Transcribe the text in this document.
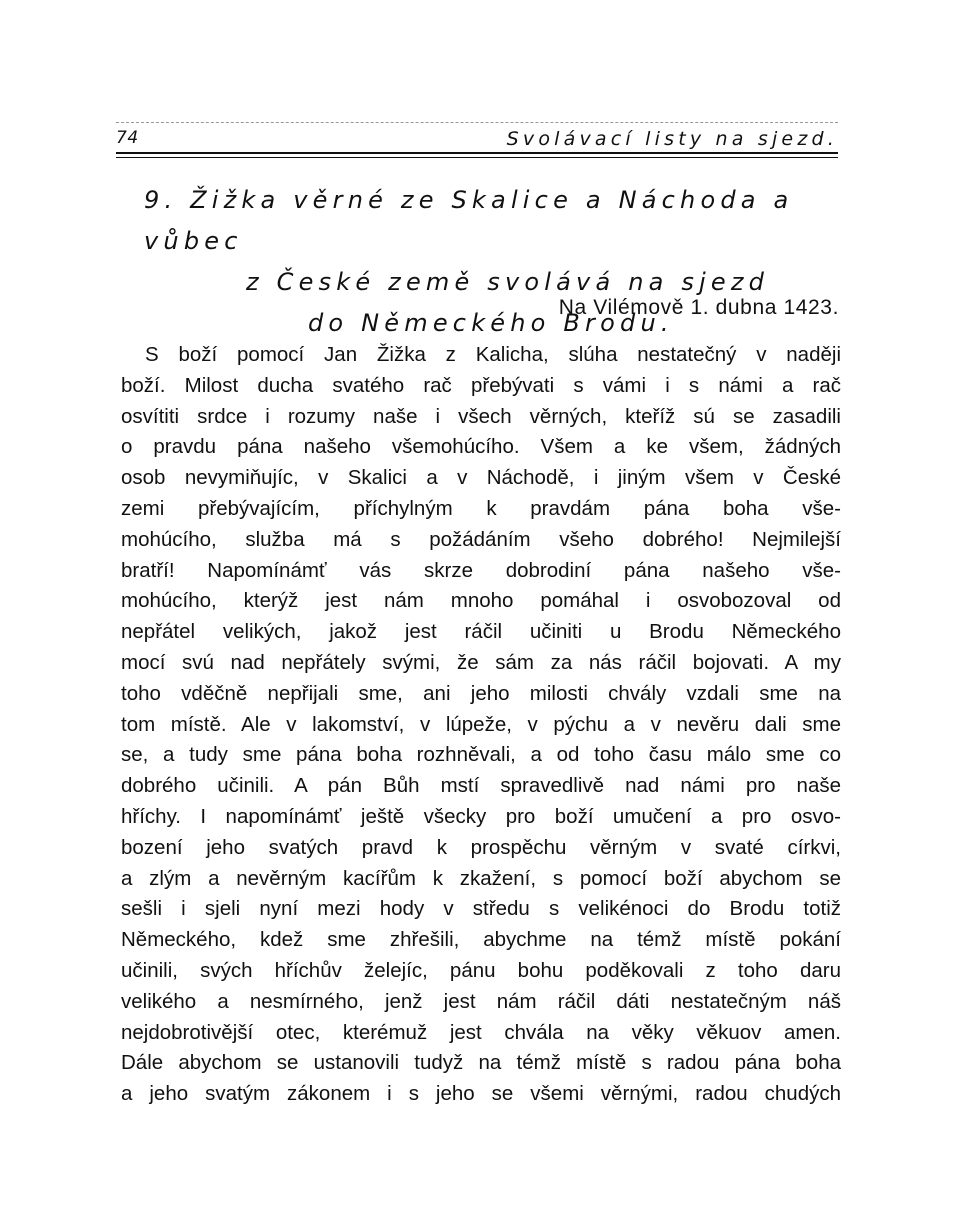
74	Svolávací listy na sjezd.
9. Žižka věrné ze Skalice a Náchoda a vůbec
z České země svolává na sjezd
do Německého Brodu.
Na Vilémově 1. dubna 1423.
S boží pomocí Jan Žižka z Kalicha, slúha nestatečný v naději
boží. Milost ducha svatého rač přebývati s vámi i s námi a rač
osvítiti srdce i rozumy naše i všech věrných, kteříž sú se zasadili
o pravdu pána našeho všemohúcího. Všem a ke všem, žádných
osob nevymiňujíc, v Skalici a v Náchodě, i jiným všem v České
zemi přebývajícím, příchylným k pravdám pána boha vše-
mohúcího, služba má s požádáním všeho dobrého! Nejmilejší
bratří! Napomínámť vás skrze dobrodiní pána našeho vše-
mohúcího, kterýž jest nám mnoho pomáhal i osvobozoval od
nepřátel velikých, jakož jest ráčil učiniti u Brodu Německého
mocí svú nad nepřátely svými, že sám za nás ráčil bojovati. A my
toho vděčně nepřijali sme, ani jeho milosti chvály vzdali sme na
tom místě. Ale v lakomství, v lúpeže, v pýchu a v nevěru dali sme
se, a tudy sme pána boha rozhněvali, a od toho času málo sme co
dobrého učinili. A pán Bůh mstí spravedlivě nad námi pro naše
hříchy. I napomínámť ještě všecky pro boží umučení a pro osvo-
bození jeho svatých pravd k prospěchu věrným v svaté církvi,
a zlým a nevěrným kacířům k zkažení, s pomocí boží abychom se
sešli i sjeli nyní mezi hody v středu s velikénoci do Brodu totiž
Německého, kdež sme zhřešili, abychme na témž místě pokání
učinili, svých hříchův želejíc, pánu bohu poděkovali z toho daru
velikého a nesmírného, jenž jest nám ráčil dáti nestatečným náš
nejdobrotivější otec, kterémuž jest chvála na věky věkuov amen.
Dále abychom se ustanovili tudyž na témž místě s radou pána boha
a jeho svatým zákonem i s jeho se všemi věrnými, radou chudých
